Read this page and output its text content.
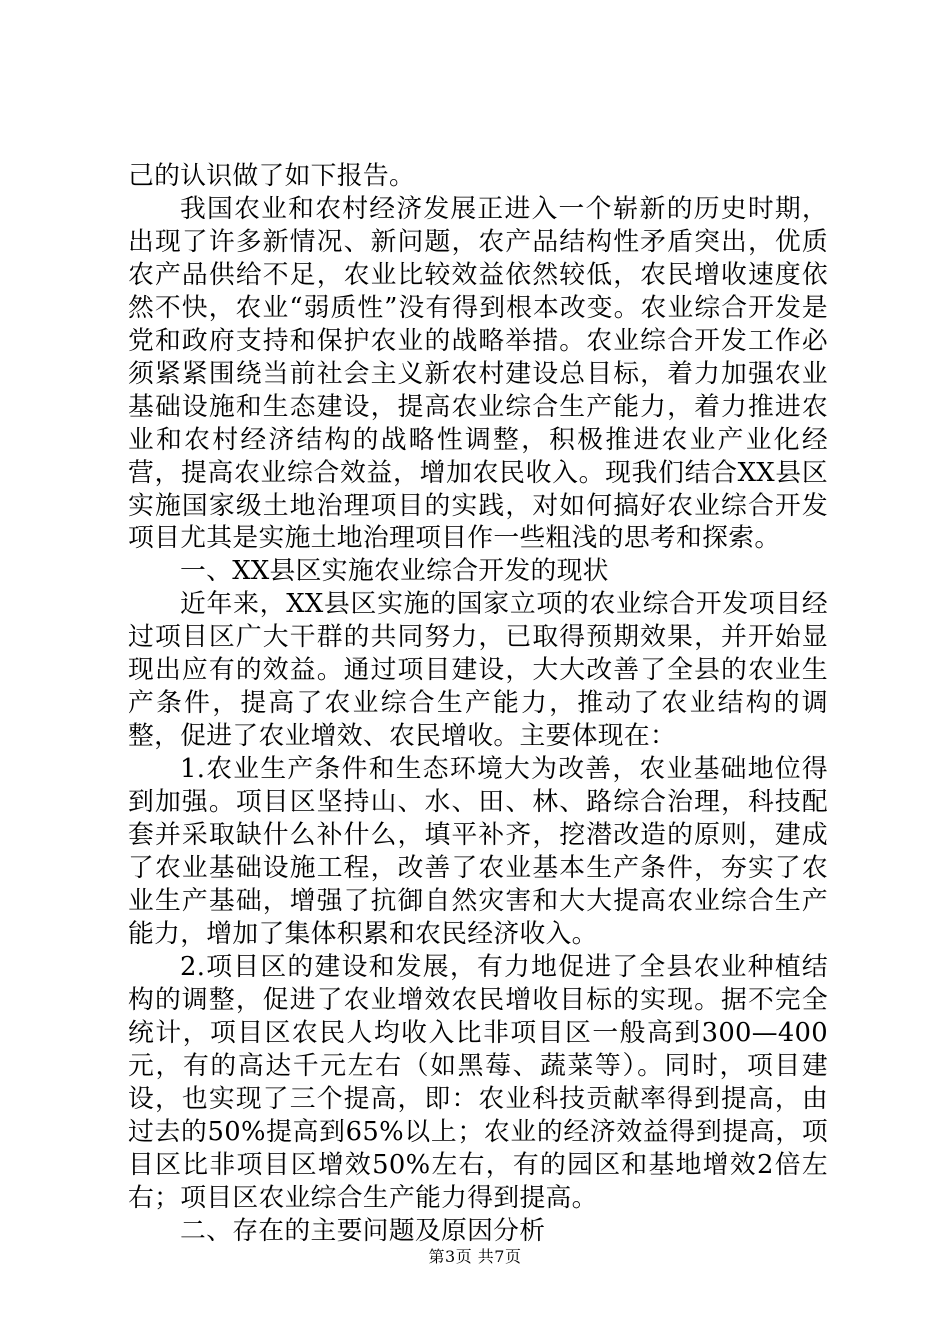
己的认识做了如下报告。

我国农业和农村经济发展正进入一个崭新的历史时期，出现了许多新情况、新问题，农产品结构性矛盾突出，优质农产品供给不足，农业比较效益依然较低，农民增收速度依然不快，农业“弱质性”没有得到根本改变。农业综合开发是党和政府支持和保护农业的战略举措。农业综合开发工作必须紧紧围绕当前社会主义新农村建设总目标，着力加强农业基础设施和生态建设，提高农业综合生产能力，着力推进农业和农村经济结构的战略性调整，积极推进农业产业化经营，提高农业综合效益，增加农民收入。现我们结合XX县区实施国家级土地治理项目的实践，对如何搞好农业综合开发项目尤其是实施土地治理项目作一些粗浅的思考和探索。

一、XX县区实施农业综合开发的现状

近年来，XX县区实施的国家立项的农业综合开发项目经过项目区广大干群的共同努力，已取得预期效果，并开始显现出应有的效益。通过项目建设，大大改善了全县的农业生产条件，提高了农业综合生产能力，推动了农业结构的调整，促进了农业增效、农民增收。主要体现在：

1.农业生产条件和生态环境大为改善，农业基础地位得到加强。项目区坚持山、水、田、林、路综合治理，科技配套并采取缺什么补什么，填平补齐，挖潜改造的原则，建成了农业基础设施工程，改善了农业基本生产条件，夯实了农业生产基础，增强了抗御自然灾害和大大提高农业综合生产能力，增加了集体积累和农民经济收入。

2.项目区的建设和发展，有力地促进了全县农业种植结构的调整，促进了农业增效农民增收目标的实现。据不完全统计，项目区农民人均收入比非项目区一般高到300—400元，有的高达千元左右（如黑莓、蔬菜等）。同时，项目建设，也实现了三个提高，即：农业科技贡献率得到提高，由过去的50%提高到65%以上；农业的经济效益得到提高，项目区比非项目区增效50%左右，有的园区和基地增效2倍左右；项目区农业综合生产能力得到提高。

二、存在的主要问题及原因分析

第3页 共7页
